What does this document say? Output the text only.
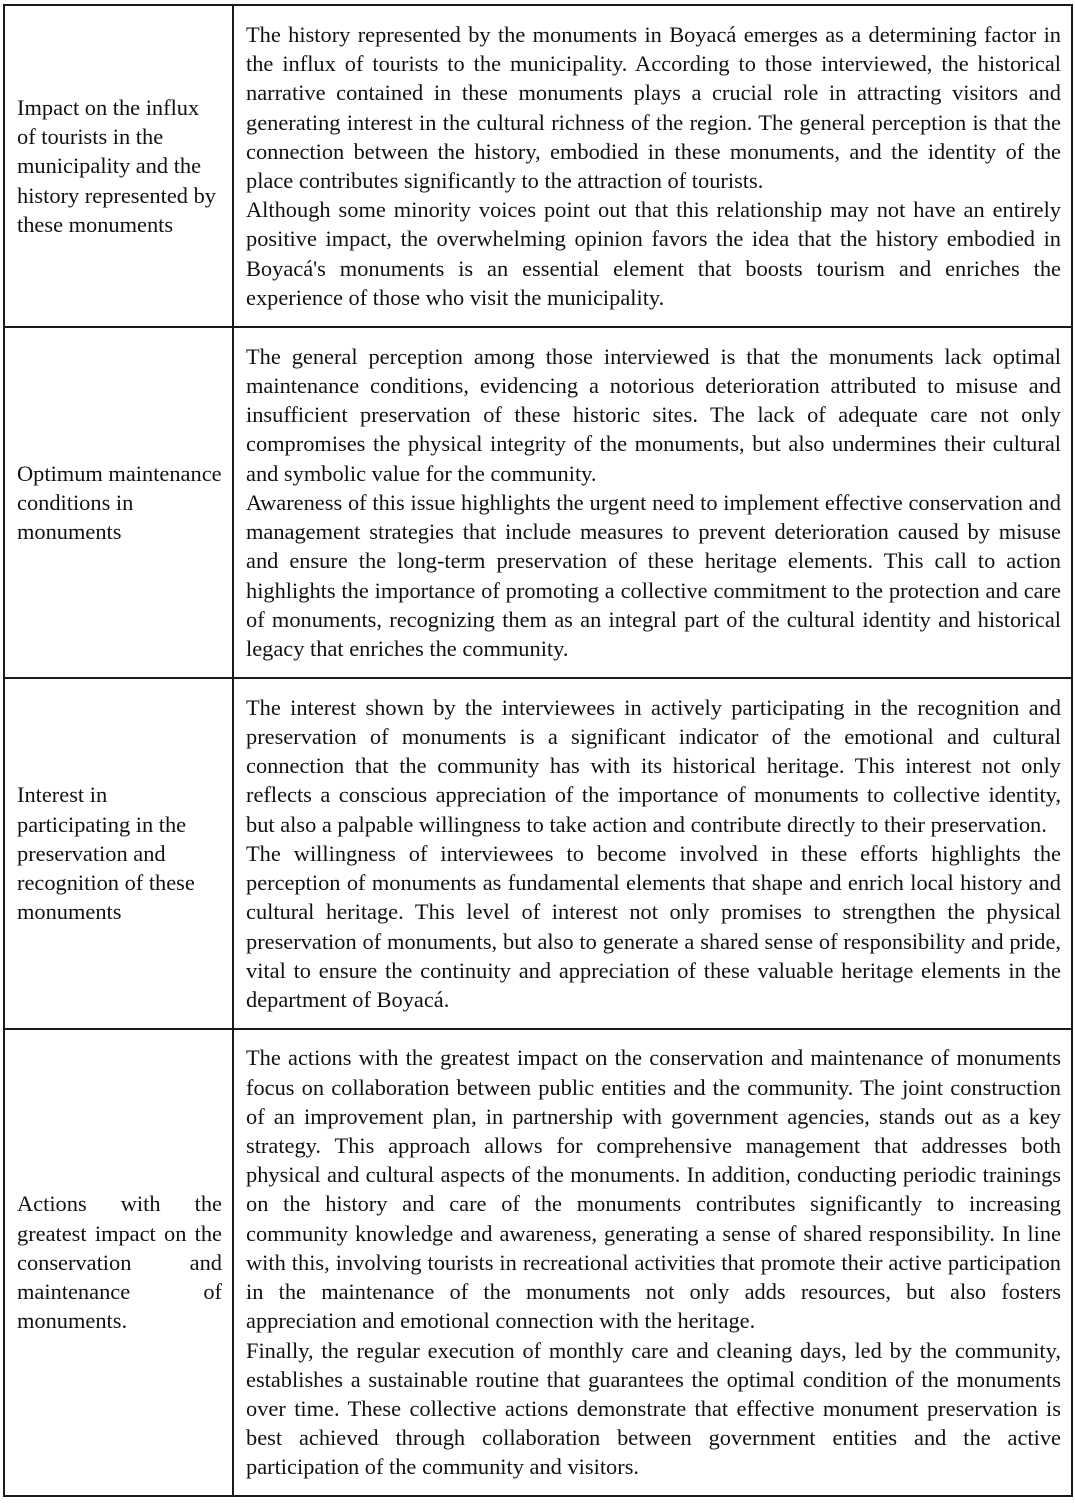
Impact on the influx of tourists in the municipality and the history represented by these monuments	The history represented by the monuments in Boyacá emerges as a determining factor in the influx of tourists to the municipality. According to those interviewed, the historical narrative contained in these monuments plays a crucial role in attracting visitors and generating interest in the cultural richness of the region. The general perception is that the connection between the history, embodied in these monuments, and the identity of the place contributes significantly to the attraction of tourists.

Although some minority voices point out that this relationship may not have an entirely positive impact, the overwhelming opinion favors the idea that the history embodied in Boyacá's monuments is an essential element that boosts tourism and enriches the experience of those who visit the municipality.

Optimum maintenance conditions in monuments	The general perception among those interviewed is that the monuments lack optimal maintenance conditions, evidencing a notorious deterioration attributed to misuse and insufficient preservation of these historic sites. The lack of adequate care not only compromises the physical integrity of the monuments, but also undermines their cultural and symbolic value for the community.

Awareness of this issue highlights the urgent need to implement effective conservation and management strategies that include measures to prevent deterioration caused by misuse and ensure the long-term preservation of these heritage elements. This call to action highlights the importance of promoting a collective commitment to the protection and care of monuments, recognizing them as an integral part of the cultural identity and historical legacy that enriches the community.

Interest in participating in the preservation and recognition of these monuments	The interest shown by the interviewees in actively participating in the recognition and preservation of monuments is a significant indicator of the emotional and cultural connection that the community has with its historical heritage. This interest not only reflects a conscious appreciation of the importance of monuments to collective identity, but also a palpable willingness to take action and contribute directly to their preservation.

The willingness of interviewees to become involved in these efforts highlights the perception of monuments as fundamental elements that shape and enrich local history and cultural heritage. This level of interest not only promises to strengthen the physical preservation of monuments, but also to generate a shared sense of responsibility and pride, vital to ensure the continuity and appreciation of these valuable heritage elements in the department of Boyacá.

Actions with the greatest impact on the conservation and maintenance of monuments.	The actions with the greatest impact on the conservation and maintenance of monuments focus on collaboration between public entities and the community. The joint construction of an improvement plan, in partnership with government agencies, stands out as a key strategy. This approach allows for comprehensive management that addresses both physical and cultural aspects of the monuments. In addition, conducting periodic trainings on the history and care of the monuments contributes significantly to increasing community knowledge and awareness, generating a sense of shared responsibility. In line with this, involving tourists in recreational activities that promote their active participation in the maintenance of the monuments not only adds resources, but also fosters appreciation and emotional connection with the heritage.

Finally, the regular execution of monthly care and cleaning days, led by the community, establishes a sustainable routine that guarantees the optimal condition of the monuments over time. These collective actions demonstrate that effective monument preservation is best achieved through collaboration between government entities and the active participation of the community and visitors.
